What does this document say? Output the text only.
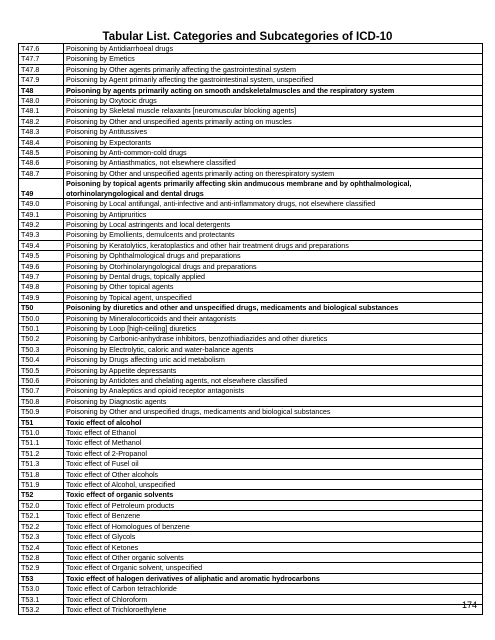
Tabular List. Categories and Subcategories of ICD-10
T47.6	Poisoning by Antidiarrhoeal drugs
T47.7	Poisoning by Emetics
T47.8	Poisoning by Other agents primarily affecting the gastrointestinal system
T47.9	Poisoning by Agent primarily affecting the gastrointestinal system, unspecified
T48	Poisoning by agents primarily acting on smooth andskeletalmuscles and the respiratory system
T48.0	Poisoning by Oxytocic drugs
T48.1	Poisoning by Skeletal muscle relaxants [neuromuscular blocking agents]
T48.2	Poisoning by Other and unspecified agents primarily acting on muscles
T48.3	Poisoning by Antitussives
T48.4	Poisoning by Expectorants
T48.5	Poisoning by Anti-common-cold drugs
T48.6	Poisoning by Antiasthmatics, not elsewhere classified
T48.7	Poisoning by Other and unspecified agents primarily acting on therespiratory system
T49	Poisoning by topical agents primarily affecting skin andmucous membrane and by ophthalmological, otorhinolaryngological and dental drugs
T49.0	Poisoning by Local antifungal, anti-infective and anti-inflammatory drugs, not elsewhere classified
T49.1	Poisoning by Antipruritics
T49.2	Poisoning by Local astringents and local detergents
T49.3	Poisoning by Emollients, demulcents and protectants
T49.4	Poisoning by Keratolytics, keratoplastics and other hair treatment drugs and preparations
T49.5	Poisoning by Ophthalmological drugs and preparations
T49.6	Poisoning by Otorhinolaryngological drugs and preparations
T49.7	Poisoning by Dental drugs, topically applied
T49.8	Poisoning by Other topical agents
T49.9	Poisoning by Topical agent, unspecified
T50	Poisoning by diuretics and other and unspecified drugs, medicaments and biological substances
T50.0	Poisoning by Mineralocorticoids and their antagonists
T50.1	Poisoning by Loop [high-ceiling] diuretics
T50.2	Poisoning by Carbonic-anhydrase inhibitors, benzothiadiazides and other diuretics
T50.3	Poisoning by Electrolytic, caloric and water-balance agents
T50.4	Poisoning by Drugs affecting uric acid metabolism
T50.5	Poisoning by Appetite depressants
T50.6	Poisoning by Antidotes and chelating agents, not elsewhere classified
T50.7	Poisoning by Analeptics and opioid receptor antagonists
T50.8	Poisoning by Diagnostic agents
T50.9	Poisoning by Other and unspecified drugs, medicaments and biological substances
T51	Toxic effect of alcohol
T51.0	Toxic effect of Ethanol
T51.1	Toxic effect of Methanol
T51.2	Toxic effect of 2-Propanol
T51.3	Toxic effect of Fusel oil
T51.8	Toxic effect of Other alcohols
T51.9	Toxic effect of Alcohol, unspecified
T52	Toxic effect of organic solvents
T52.0	Toxic effect of Petroleum products
T52.1	Toxic effect of Benzene
T52.2	Toxic effect of Homologues of benzene
T52.3	Toxic effect of Glycols
T52.4	Toxic effect of Ketones
T52.8	Toxic effect of Other organic solvents
T52.9	Toxic effect of Organic solvent, unspecified
T53	Toxic effect of halogen derivatives of aliphatic and aromatic hydrocarbons
T53.0	Toxic effect of Carbon tetrachloride
T53.1	Toxic effect of Chloroform
T53.2	Toxic effect of Trichloroethylene	174
